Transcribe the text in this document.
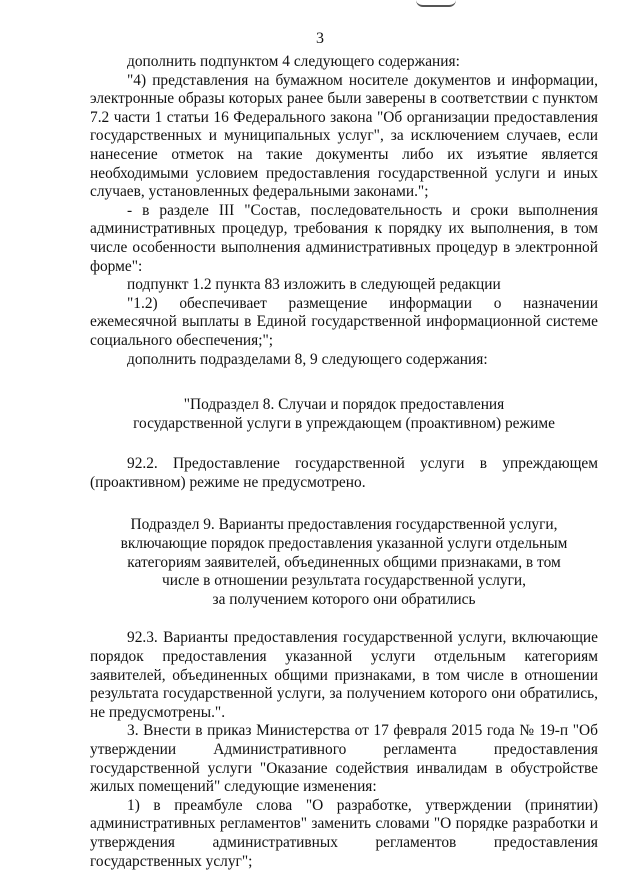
3

дополнить подпунктом 4 следующего содержания:

"4) представления на бумажном носителе документов и информации, электронные образы которых ранее были заверены в соответствии с пунктом 7.2 части 1 статьи 16 Федерального закона "Об организации предоставления государственных и муниципальных услуг", за исключением случаев, если нанесение отметок на такие документы либо их изъятие является необходимыми условием предоставления государственной услуги и иных случаев, установленных федеральными законами.";

- в разделе III "Состав, последовательность и сроки выполнения административных процедур, требования к порядку их выполнения, в том числе особенности выполнения административных процедур в электронной форме":

подпункт 1.2 пункта 83 изложить в следующей редакции

"1.2) обеспечивает размещение информации о назначении ежемесячной выплаты в Единой государственной информационной системе социального обеспечения;";

дополнить подразделами 8, 9 следующего содержания:

"Подраздел 8. Случаи и порядок предоставления

государственной услуги в упреждающем (проактивном) режиме

92.2. Предоставление государственной услуги в упреждающем (проактивном) режиме не предусмотрено.

Подраздел 9. Варианты предоставления государственной услуги,

включающие порядок предоставления указанной услуги отдельным

категориям заявителей, объединенных общими признаками, в том

числе в отношении результата государственной услуги,

за получением которого они обратились

92.3. Варианты предоставления государственной услуги, включающие порядок предоставления указанной услуги отдельным категориям заявителей, объединенных общими признаками, в том числе в отношении результата государственной услуги, за получением которого они обратились, не предусмотрены.".

3. Внести в приказ Министерства от 17 февраля 2015 года № 19-п "Об утверждении Административного регламента предоставления государственной услуги "Оказание содействия инвалидам в обустройстве жилых помещений" следующие изменения:

1) в преамбуле слова "О разработке, утверждении (принятии) административных регламентов" заменить словами "О порядке разработки и утверждения административных регламентов предоставления государственных услуг";
